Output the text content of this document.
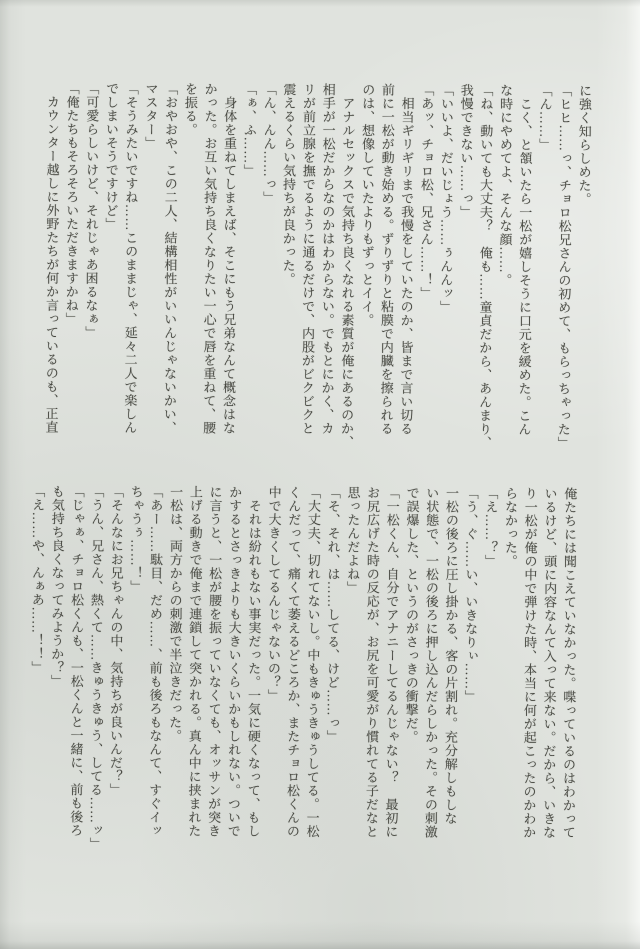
に強く知らしめた。

「ヒヒ……っ、チョロ松兄さんの初めて、もらっちゃった」

「ん……」

　こく、と頷いたら一松が嬉しそうに口元を緩めた。こん

な時にやめてよ、そんな顔……。

「ね、動いても大丈夫？　俺も……童貞だから、あんまり、

我慢できない……っ」

「いいよ、だいじょう……ぅんんッ」

「あッ、チョロ松、兄さん……！」

　相当ギリギリまで我慢をしていたのか、皆まで言い切る

前に一松が動き始める。ずりずりと粘膜で内臓を擦られる

のは、想像していたよりもずっとイイ。

　アナルセックスで気持ち良くなれる素質が俺にあるのか、

相手が一松だからなのかはわからない。でもとにかく、カ

リが前立腺を撫でるように通るだけで、内股がビクビクと

震えるくらい気持ちが良かった。

「ん、んん……っ」

「ぁ、ふ……」

　身体を重ねてしまえば、そこにもう兄弟なんて概念はな

かった。お互い気持ち良くなりたい一心で唇を重ねて、腰

を振る。

「おやおや、この二人、結構相性がいいんじゃないかい、

マスター」

「そうみたいですね……このままじゃ、延々二人で楽しん

でしまいそうですけど」

「可愛らしいけど、それじゃあ困るなぁ」

「俺たちもそろそろいただきますかね」

　カウンター越しに外野たちが何か言っているのも、正直

俺たちには聞こえていなかった。喋っているのはわかって

いるけど、頭に内容なんて入って来ない。だから、いきな

り一松が俺の中で弾けた時、本当に何が起こったのかわか

らなかった。

「え……？」

「う、ぐ……い、いきなりぃ……」

一松の後ろに圧し掛かる、客の片割れ。充分解しもしな

い状態で、一松の後ろに押し込んだらしかった。その刺激

で誤爆した、というのがさっきの衝撃だ。

「一松くん、自分でアナニーしてるんじゃない？　最初に

お尻広げた時の反応が、お尻を可愛がり慣れてる子だなと

思ったんだよね」

「そ、それ、は……してる、けど……っ」

「大丈夫、切れてないし。中もきゅうきゅうしてる。一松

くんだって、痛くて萎えるどころか、またチョロ松くんの

中で大きくしてるんじゃないの？」

　それは紛れもない事実だった。一気に硬くなって、もし

かするとさっきよりも大きいくらいかもしれない。ついで

に言うと、一松が腰を振っていなくても、オッサンが突き

上げる動きで俺まで連鎖して突かれる。真ん中に挟まれた

一松は、両方からの刺激で半泣きだった。

「あー……駄目、だめ……、前も後ろもなんて、すぐイッ

ちゃうぅ……！」

「そんなにお兄ちゃんの中、気持ちが良いんだ？」

「うん、兄さん、熱くて……きゅうきゅう、してる……ッ」

「じゃぁ、チョロ松くんも、一松くんと一緒に、前も後ろ

も気持ち良くなってみようか？」

「え……や、んぁあ……！！」
